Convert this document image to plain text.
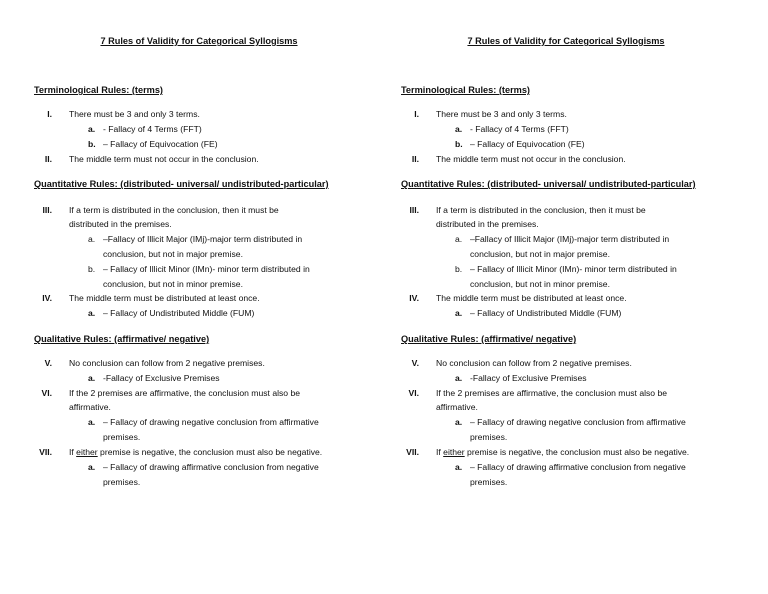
7 Rules of Validity for Categorical Syllogisms
Terminological Rules: (terms)
I. There must be 3 and only 3 terms.
a. - Fallacy of 4 Terms (FFT)
b. – Fallacy of Equivocation (FE)
II. The middle term must not occur in the conclusion.
Quantitative Rules: (distributed- universal/ undistributed-particular)
III. If a term is distributed in the conclusion, then it must be
distributed in the premises.
a. –Fallacy of Illicit Major (IMj)-major term distributed in
conclusion, but not in major premise.
b. – Fallacy of Illicit Minor (IMn)- minor term distributed in
conclusion, but not in minor premise.
IV. The middle term must be distributed at least once.
a. – Fallacy of Undistributed Middle (FUM)
Qualitative Rules: (affirmative/ negative)
V. No conclusion can follow from 2 negative premises.
a. -Fallacy of Exclusive Premises
VI. If the 2 premises are affirmative, the conclusion must also be
affirmative.
a. – Fallacy of drawing negative conclusion from affirmative
premises.
VII. If either premise is negative, the conclusion must also be negative.
a. – Fallacy of drawing affirmative conclusion from negative
premises.
7 Rules of Validity for Categorical Syllogisms
Terminological Rules: (terms)
I. There must be 3 and only 3 terms.
a. - Fallacy of 4 Terms (FFT)
b. – Fallacy of Equivocation (FE)
II. The middle term must not occur in the conclusion.
Quantitative Rules: (distributed- universal/ undistributed-particular)
III. If a term is distributed in the conclusion, then it must be
distributed in the premises.
a. –Fallacy of Illicit Major (IMj)-major term distributed in
conclusion, but not in major premise.
b. – Fallacy of Illicit Minor (IMn)- minor term distributed in
conclusion, but not in minor premise.
IV. The middle term must be distributed at least once.
a. – Fallacy of Undistributed Middle (FUM)
Qualitative Rules: (affirmative/ negative)
V. No conclusion can follow from 2 negative premises.
a. -Fallacy of Exclusive Premises
VI. If the 2 premises are affirmative, the conclusion must also be
affirmative.
a. – Fallacy of drawing negative conclusion from affirmative
premises.
VII. If either premise is negative, the conclusion must also be negative.
a. – Fallacy of drawing affirmative conclusion from negative
premises.
